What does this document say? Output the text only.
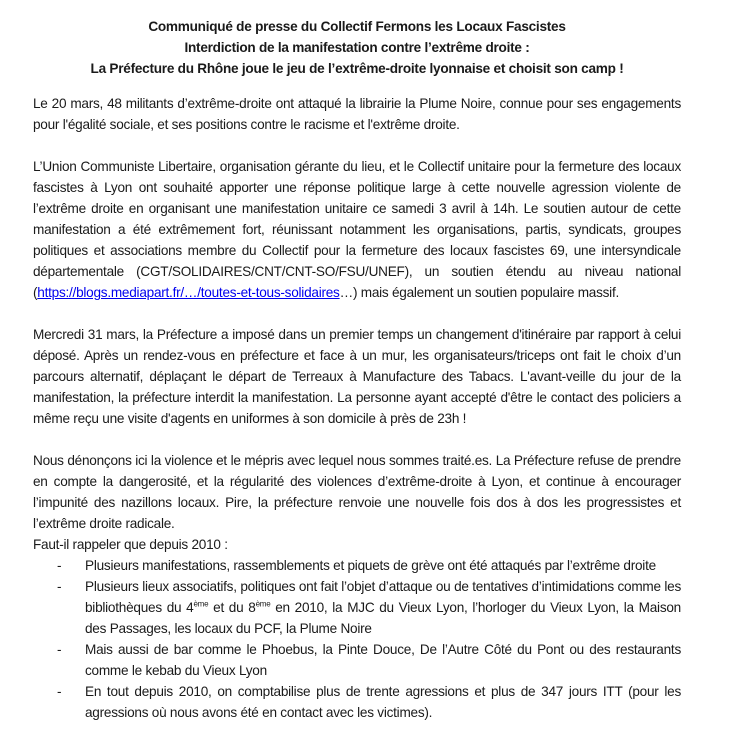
Communiqué de presse du Collectif Fermons les Locaux Fascistes
Interdiction de la manifestation contre l’extrême droite :
La Préfecture du Rhône joue le jeu de l’extrême-droite lyonnaise et choisit son camp !

Le 20 mars, 48 militants d’extrême-droite ont attaqué la librairie la Plume Noire, connue pour ses engagements pour l'égalité sociale, et ses positions contre le racisme et l'extrême droite.

L’Union Communiste Libertaire, organisation gérante du lieu, et le Collectif unitaire pour la fermeture des locaux fascistes à Lyon ont souhaité apporter une réponse politique large à cette nouvelle agression violente de l’extrême droite en organisant une manifestation unitaire ce samedi 3 avril à 14h. Le soutien autour de cette manifestation a été extrêmement fort, réunissant notamment les organisations, partis, syndicats, groupes politiques et associations membre du Collectif pour la fermeture des locaux fascistes 69, une intersyndicale départementale (CGT/SOLIDAIRES/CNT/CNT-SO/FSU/UNEF), un soutien étendu au niveau national (https://blogs.mediapart.fr/…/toutes-et-tous-solidaires…) mais également un soutien populaire massif.

Mercredi 31 mars, la Préfecture a imposé dans un premier temps un changement d'itinéraire par rapport à celui déposé. Après un rendez-vous en préfecture et face à un mur, les organisateurs/triceps ont fait le choix d’un parcours alternatif, déplaçant le départ de Terreaux à Manufacture des Tabacs. L'avant-veille du jour de la manifestation, la préfecture interdit la manifestation. La personne ayant accepté d'être le contact des policiers a même reçu une visite d'agents en uniformes à son domicile à près de 23h !

Nous dénonçons ici la violence et le mépris avec lequel nous sommes traité.es. La Préfecture refuse de prendre en compte la dangerosité, et la régularité des violences d’extrême-droite à Lyon, et continue à encourager l’impunité des nazillons locaux. Pire, la préfecture renvoie une nouvelle fois dos à dos les progressistes et l’extrême droite radicale.

Faut-il rappeler que depuis 2010 :

- Plusieurs manifestations, rassemblements et piquets de grève ont été attaqués par l’extrême droite
- Plusieurs lieux associatifs, politiques ont fait l’objet d’attaque ou de tentatives d’intimidations comme les bibliothèques du 4ème et du 8ème en 2010, la MJC du Vieux Lyon, l’horloger du Vieux Lyon, la Maison des Passages, les locaux du PCF, la Plume Noire
- Mais aussi de bar comme le Phoebus, la Pinte Douce, De l’Autre Côté du Pont ou des restaurants comme le kebab du Vieux Lyon
- En tout depuis 2010, on comptabilise plus de trente agressions et plus de 347 jours ITT (pour les agressions où nous avons été en contact avec les victimes).
